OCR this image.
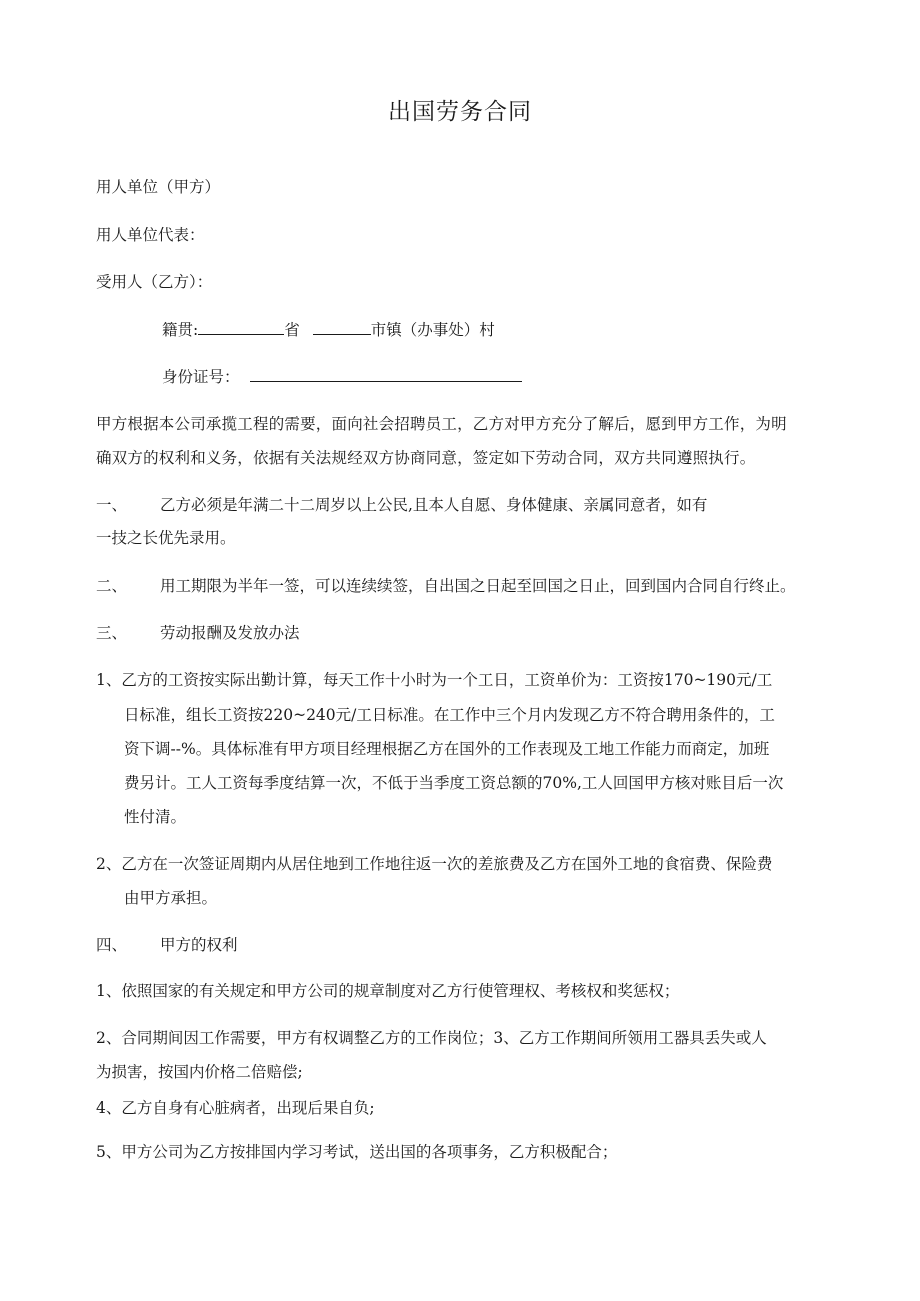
出国劳务合同
用人单位（甲方）
用人单位代表：
受用人（乙方）：
籍贯:	省	市镇（办事处）村
身份证号：
甲方根据本公司承揽工程的需要，面向社会招聘员工，乙方对甲方充分了解后，愿到甲方工作，为明
确双方的权利和义务，依据有关法规经双方协商同意，签定如下劳动合同，双方共同遵照执行。
一、 乙方必须是年满二十二周岁以上公民,且本人自愿、身体健康、亲属同意者，如有
一技之长优先录用。
二、 用工期限为半年一签，可以连续续签，自出国之日起至回国之日止，回到国内合同自行终止。
三、 劳动报酬及发放办法
1、乙方的工资按实际出勤计算，每天工作十小时为一个工日，工资单价为：工资按170~190元/工
日标准，组长工资按220~240元/工日标准。在工作中三个月内发现乙方不符合聘用条件的，工
资下调--%。具体标准有甲方项目经理根据乙方在国外的工作表现及工地工作能力而商定，加班
费另计。工人工资每季度结算一次，不低于当季度工资总额的70%,工人回国甲方核对账目后一次
性付清。
2、乙方在一次签证周期内从居住地到工作地往返一次的差旅费及乙方在国外工地的食宿费、保险费
由甲方承担。
四、 甲方的权利
1、依照国家的有关规定和甲方公司的规章制度对乙方行使管理权、考核权和奖惩权；
2、合同期间因工作需要，甲方有权调整乙方的工作岗位；3、乙方工作期间所领用工器具丢失或人
为损害，按国内价格二倍赔偿;
4、乙方自身有心脏病者，出现后果自负;
5、甲方公司为乙方按排国内学习考试，送出国的各项事务，乙方积极配合；
